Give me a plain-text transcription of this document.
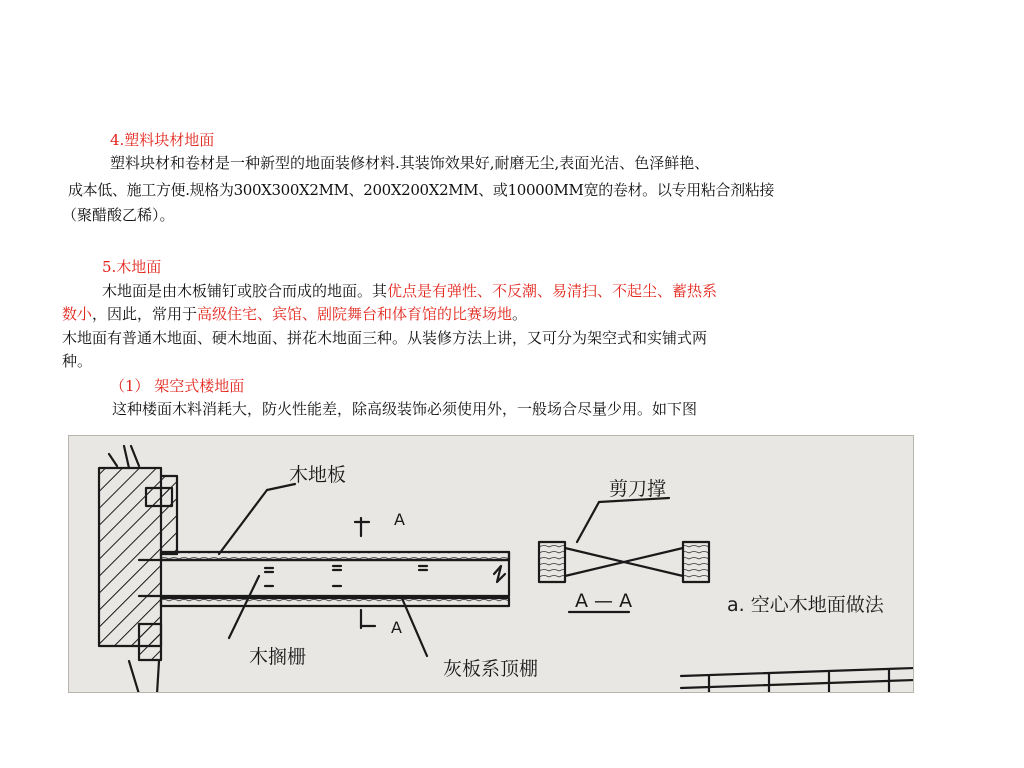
4.塑料块材地面
塑料块材和卷材是一种新型的地面装修材料.其装饰效果好,耐磨无尘,表面光洁、色泽鲜艳、
成本低、施工方便.规格为300X300X2MM、200X200X2MM、或10000MM宽的卷材。以专用粘合剂粘接
（聚醋酸乙稀）。
5.木地面
木地面是由木板铺钉或胶合而成的地面。其优点是有弹性、不反潮、易清扫、不起尘、蓄热系
数小，因此，常用于高级住宅、宾馆、剧院舞台和体育馆的比赛场地。
木地面有普通木地面、硬木地面、拼花木地面三种。从装修方法上讲，又可分为架空式和实铺式两
种。
（1） 架空式楼地面
这种楼面木料消耗大，防火性能差，除高级装饰必须使用外，一般场合尽量少用。如下图
木地板
剪刀撑
A
A
A — A	a. 空心木地面做法
木搁栅
灰板系顶棚
